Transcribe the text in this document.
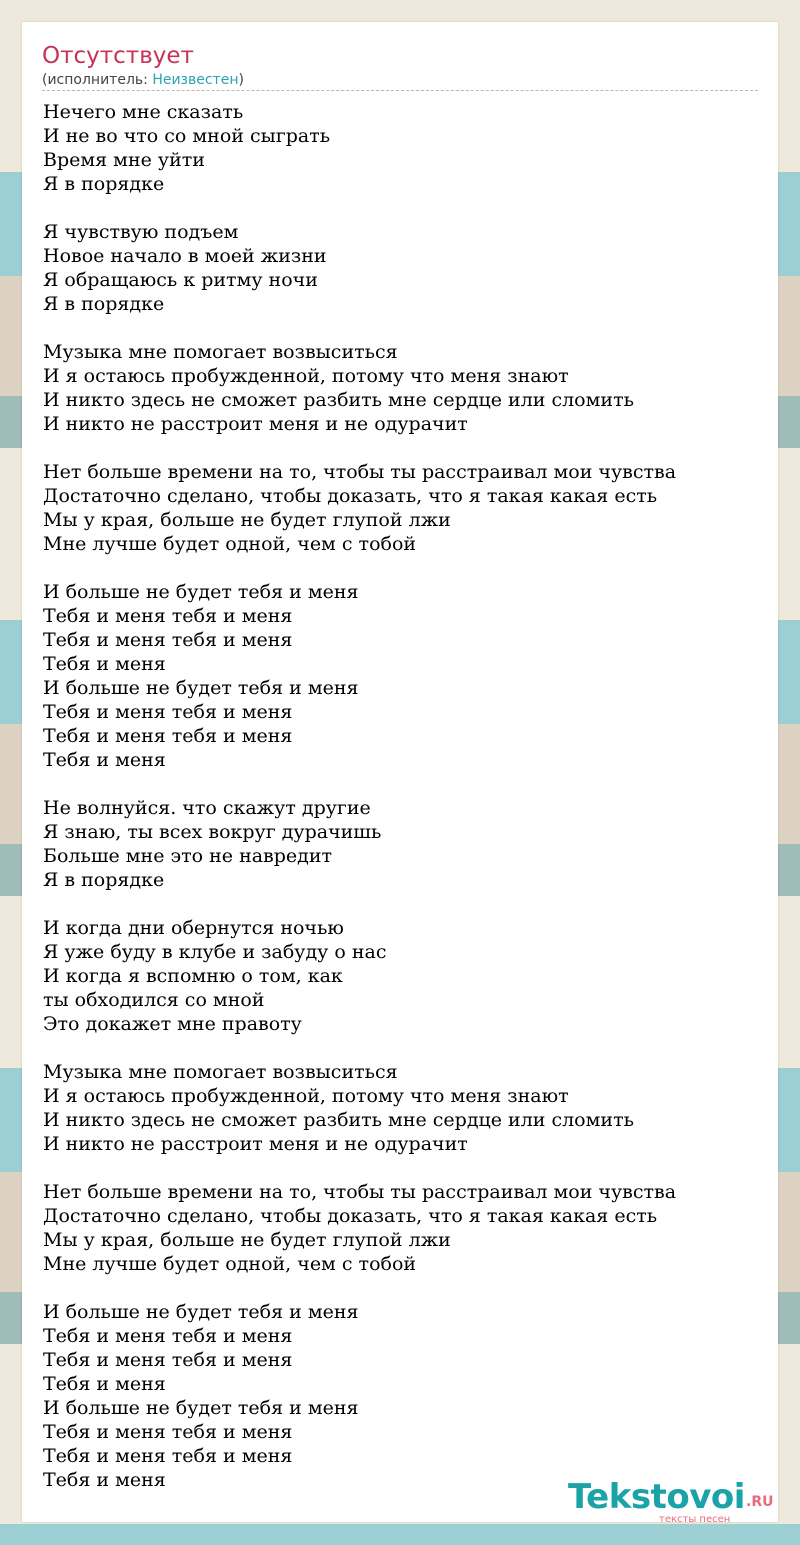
Отсутствует
(исполнитель: Неизвестен)
Нечего мне сказать
И не во что со мной сыграть
Время мне уйти
Я в порядке
Я чувствую подъем
Новое начало в моей жизни
Я обращаюсь к ритму ночи
Я в порядке
Музыка мне помогает возвыситься
И я остаюсь пробужденной, потому что меня знают
И никто здесь не сможет разбить мне сердце или сломить
И никто не расстроит меня и не одурачит
Нет больше времени на то, чтобы ты расстраивал мои чувства
Достаточно сделано, чтобы доказать, что я такая какая есть
Мы у края, больше не будет глупой лжи
Мне лучше будет одной, чем с тобой
И больше не будет тебя и меня
Тебя и меня тебя и меня
Тебя и меня тебя и меня
Тебя и меня
И больше не будет тебя и меня
Тебя и меня тебя и меня
Тебя и меня тебя и меня
Тебя и меня
Не волнуйся. что скажут другие
Я знаю, ты всех вокруг дурачишь
Больше мне это не навредит
Я в порядке
И когда дни обернутся ночью
Я уже буду в клубе и забуду о нас
И когда я вспомню о том, как
ты обходился со мной
Это докажет мне правоту
Музыка мне помогает возвыситься
И я остаюсь пробужденной, потому что меня знают
И никто здесь не сможет разбить мне сердце или сломить
И никто не расстроит меня и не одурачит
Нет больше времени на то, чтобы ты расстраивал мои чувства
Достаточно сделано, чтобы доказать, что я такая какая есть
Мы у края, больше не будет глупой лжи
Мне лучше будет одной, чем с тобой
И больше не будет тебя и меня
Тебя и меня тебя и меня
Тебя и меня тебя и меня
Тебя и меня
И больше не будет тебя и меня
Тебя и меня тебя и меня
Тебя и меня тебя и меня
Тебя и меня	Tekstovoi .RU
тексты песен
